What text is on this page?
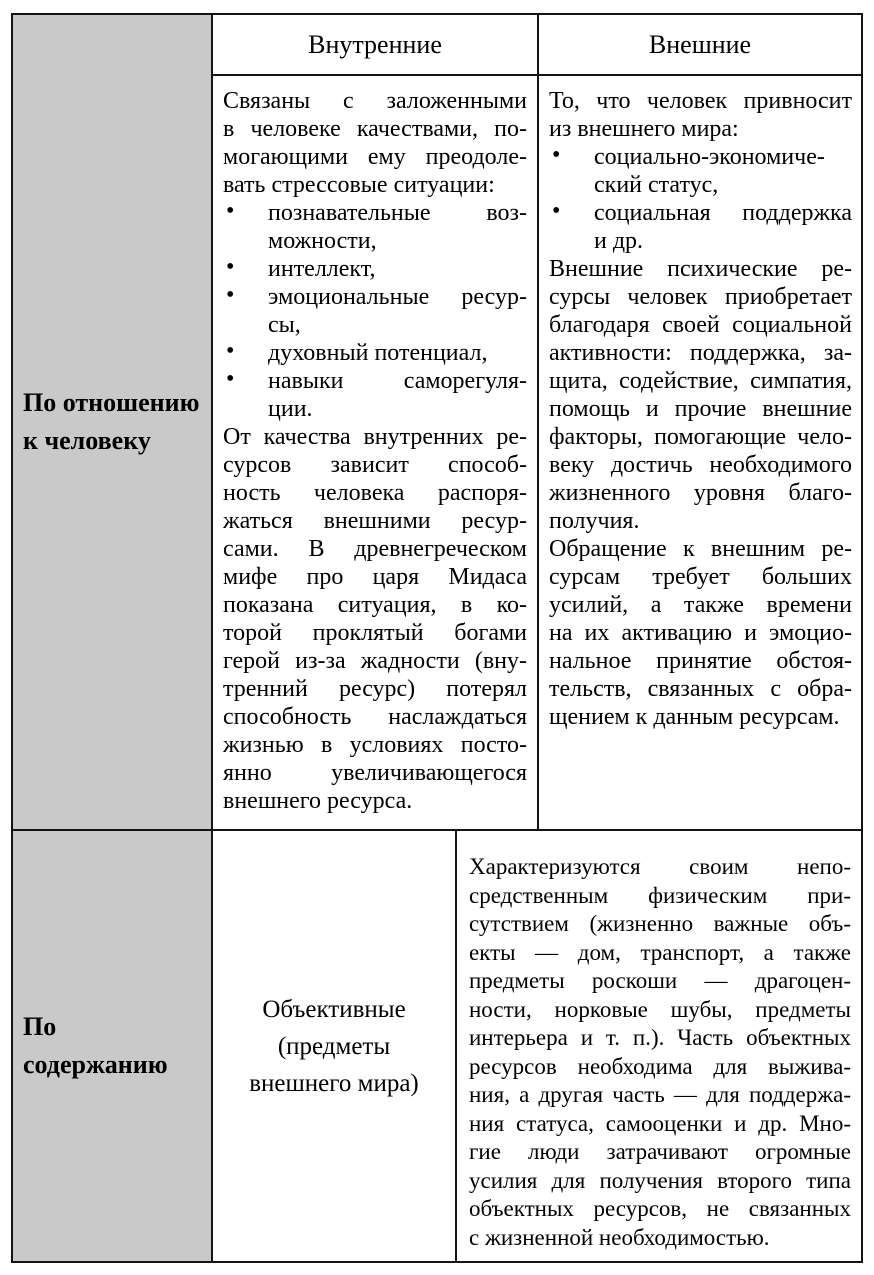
По отношению
к человеку
Внутренние	Внешние
Связаны с заложенными
в человеке качествами, по-
могающими ему преодоле-
вать стрессовые ситуации:
познавательные воз-
можности,
•
интеллект,
•
эмоциональные ресур-
сы,
•
духовный потенциал,
•
навыки саморегуля-
ции.
•
От качества внутренних ре-
сурсов зависит способ-
ность человека распоря-
жаться внешними ресур-
сами. В древнегреческом
мифе про царя Мидаса
показана ситуация, в ко-
торой проклятый богами
герой из-за жадности (вну-
тренний ресурс) потерял
способность наслаждаться
жизнью в условиях посто-
янно увеличивающегося
внешнего ресурса.
То, что человек привносит
из внешнего мира:
социально-экономиче-
ский статус,
•
социальная поддержка
и др.
•
Внешние психические ре-
сурсы человек приобретает
благодаря своей социальной
активности: поддержка, за-
щита, содействие, симпатия,
помощь и прочие внешние
факторы, помогающие чело-
веку достичь необходимого
жизненного уровня благо-
получия.
Обращение к внешним ре-
сурсам требует больших
усилий, а также времени
на их активацию и эмоцио-
нальное принятие обстоя-
тельств, связанных с обра-
щением к данным ресурсам.
По содержанию
Объективные
(предметы
внешнего мира)
Характеризуются своим непо-
средственным физическим при-
сутствием (жизненно важные объ-
екты — дом, транспорт, а также
предметы роскоши — драгоцен-
ности, норковые шубы, предметы
интерьера и т. п.). Часть объектных
ресурсов необходима для выжива-
ния, а другая часть — для поддержа-
ния статуса, самооценки и др. Мно-
гие люди затрачивают огромные
усилия для получения второго типа
объектных ресурсов, не связанных
с жизненной необходимостью.
